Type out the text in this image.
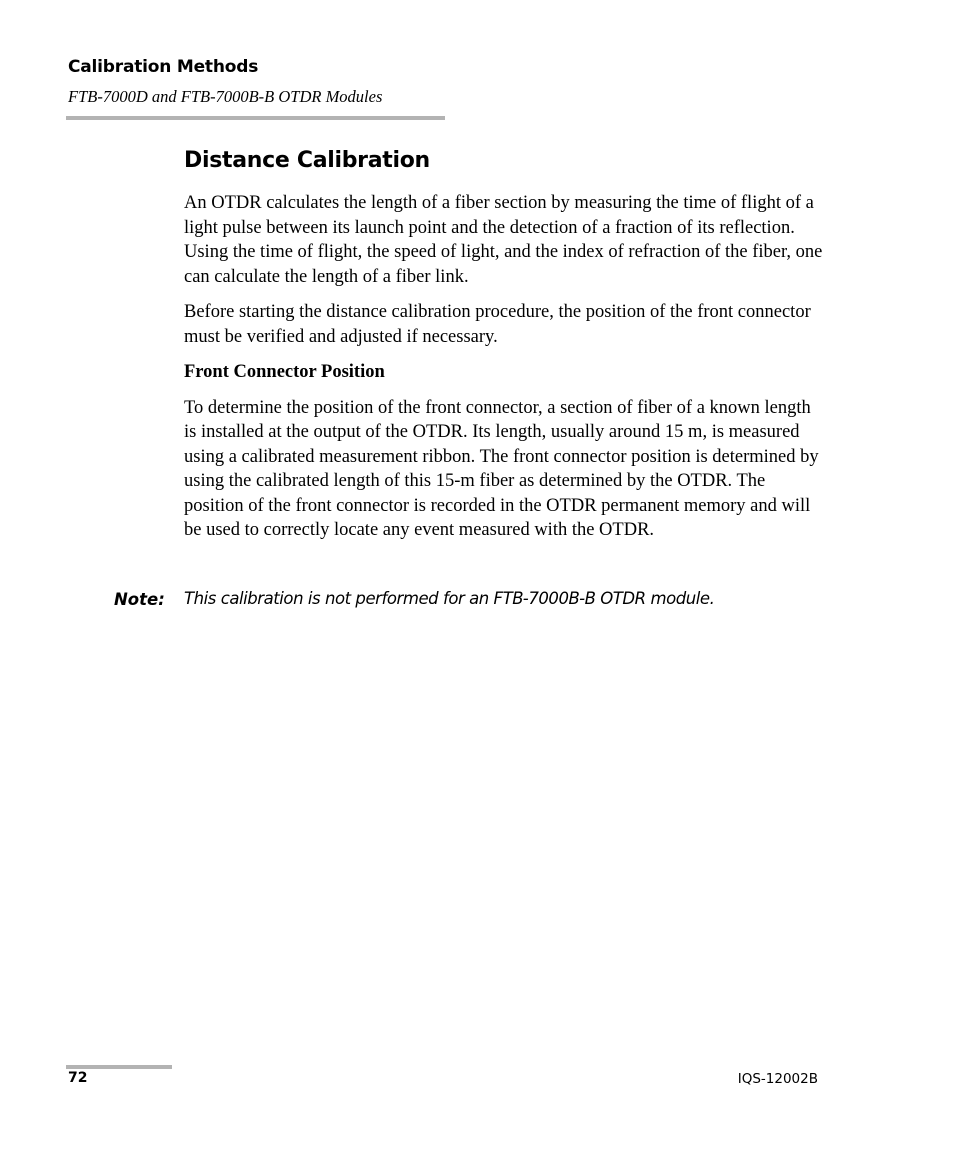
Calibration Methods
FTB-7000D and FTB-7000B-B OTDR Modules
Distance Calibration

An OTDR calculates the length of a fiber section by measuring the time of flight of a light pulse between its launch point and the detection of a fraction of its reflection. Using the time of flight, the speed of light, and the index of refraction of the fiber, one can calculate the length of a fiber link.

Before starting the distance calibration procedure, the position of the front connector must be verified and adjusted if necessary.

Front Connector Position

To determine the position of the front connector, a section of fiber of a known length is installed at the output of the OTDR. Its length, usually around 15 m, is measured using a calibrated measurement ribbon. The front connector position is determined by using the calibrated length of this 15-m fiber as determined by the OTDR. The position of the front connector is recorded in the OTDR permanent memory and will be used to correctly locate any event measured with the OTDR.

Note: This calibration is not performed for an FTB-7000B-B OTDR module.
72	IQS-12002B
